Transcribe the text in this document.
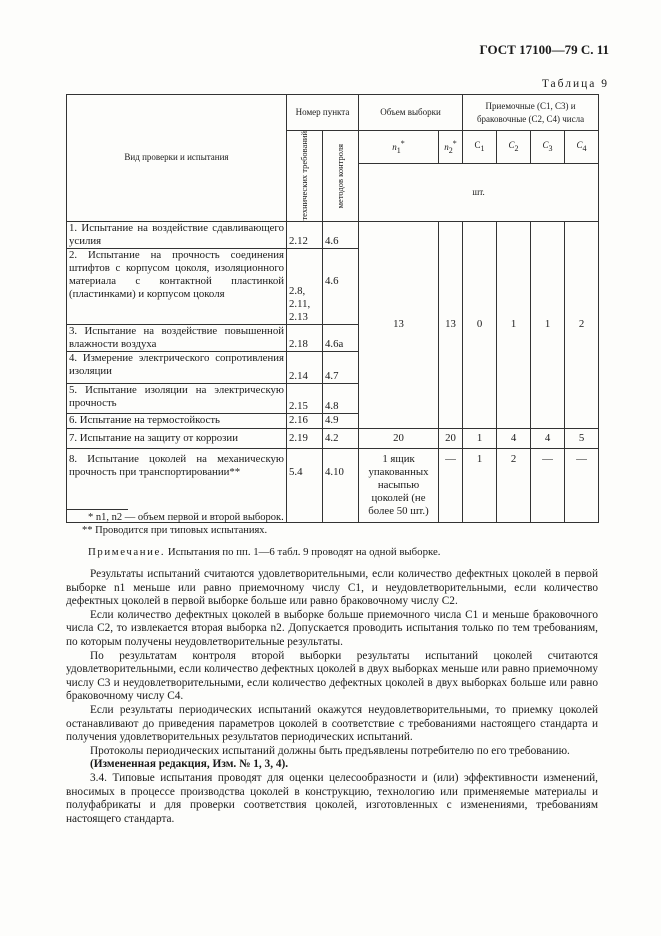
ГОСТ 17100—79 С. 11
Таблица 9
Вид проверки и испытания	Номер пункта		Объем выборки		Приемочные (C1, C3) и браковочные (C2, C4) числа			

	технических требований	методов контроля	$n_1^*$	$n_2^*$	$C_1$	$C_2$	$C_3$	$C_4$
			шт.					
1. Испытание на воздействие сдавливающего усилия	2.12	4.6	13	13	0	1	1	2
2. Испытание на прочность соединения штифтов с корпусом цоколя, изоляционного материала с контактной пластинкой (пластинками) и корпусом цоколя	2.8, 2.11, 2.13	4.6						
3. Испытание на воздействие повышенной влажности воздуха	2.18	4.6а						
4. Измерение электрического сопротивления изоляции	2.14	4.7						
5. Испытание изоляции на электрическую прочность	2.15	4.8						
6. Испытание на термостойкость	2.16	4.9						
7. Испытание на защиту от коррозии	2.19	4.2	20	20	1	4	4	5
8. Испытание цоколей на механическую прочность при транспортировании**	5.4	4.10	1 ящик упакованных насыпью цоколей (не более 50 шт.)	—	1	2	—	—
* n1, n2 — объем первой и второй выборок.
** Проводится при типовых испытаниях.
Примечание. Испытания по пп. 1—6 табл. 9 проводят на одной выборке.

Результаты испытаний считаются удовлетворительными, если количество дефектных цоколей в первой выборке n1 меньше или равно приемочному числу C1, и неудовлетворительными, если количество дефектных цоколей в первой выборке больше или равно браковочному числу C2.

Если количество дефектных цоколей в выборке больше приемочного числа C1 и меньше браковочного числа C2, то извлекается вторая выборка n2. Допускается проводить испытания только по тем требованиям, по которым получены неудовлетворительные результаты.

По результатам контроля второй выборки результаты испытаний цоколей считаются удовлетворительными, если количество дефектных цоколей в двух выборках меньше или равно приемочному числу C3 и неудовлетворительными, если количество дефектных цоколей в двух выборках больше или равно браковочному числу C4.

Если результаты периодических испытаний окажутся неудовлетворительными, то приемку цоколей останавливают до приведения параметров цоколей в соответствие с требованиями настоящего стандарта и получения удовлетворительных результатов периодических испытаний.

Протоколы периодических испытаний должны быть предъявлены потребителю по его требованию.

(Измененная редакция, Изм. № 1, 3, 4).

3.4. Типовые испытания проводят для оценки целесообразности и (или) эффективности изменений, вносимых в процессе производства цоколей в конструкцию, технологию или применяемые материалы и полуфабрикаты и для проверки соответствия цоколей, изготовленных с изменениями, требованиям настоящего стандарта.
